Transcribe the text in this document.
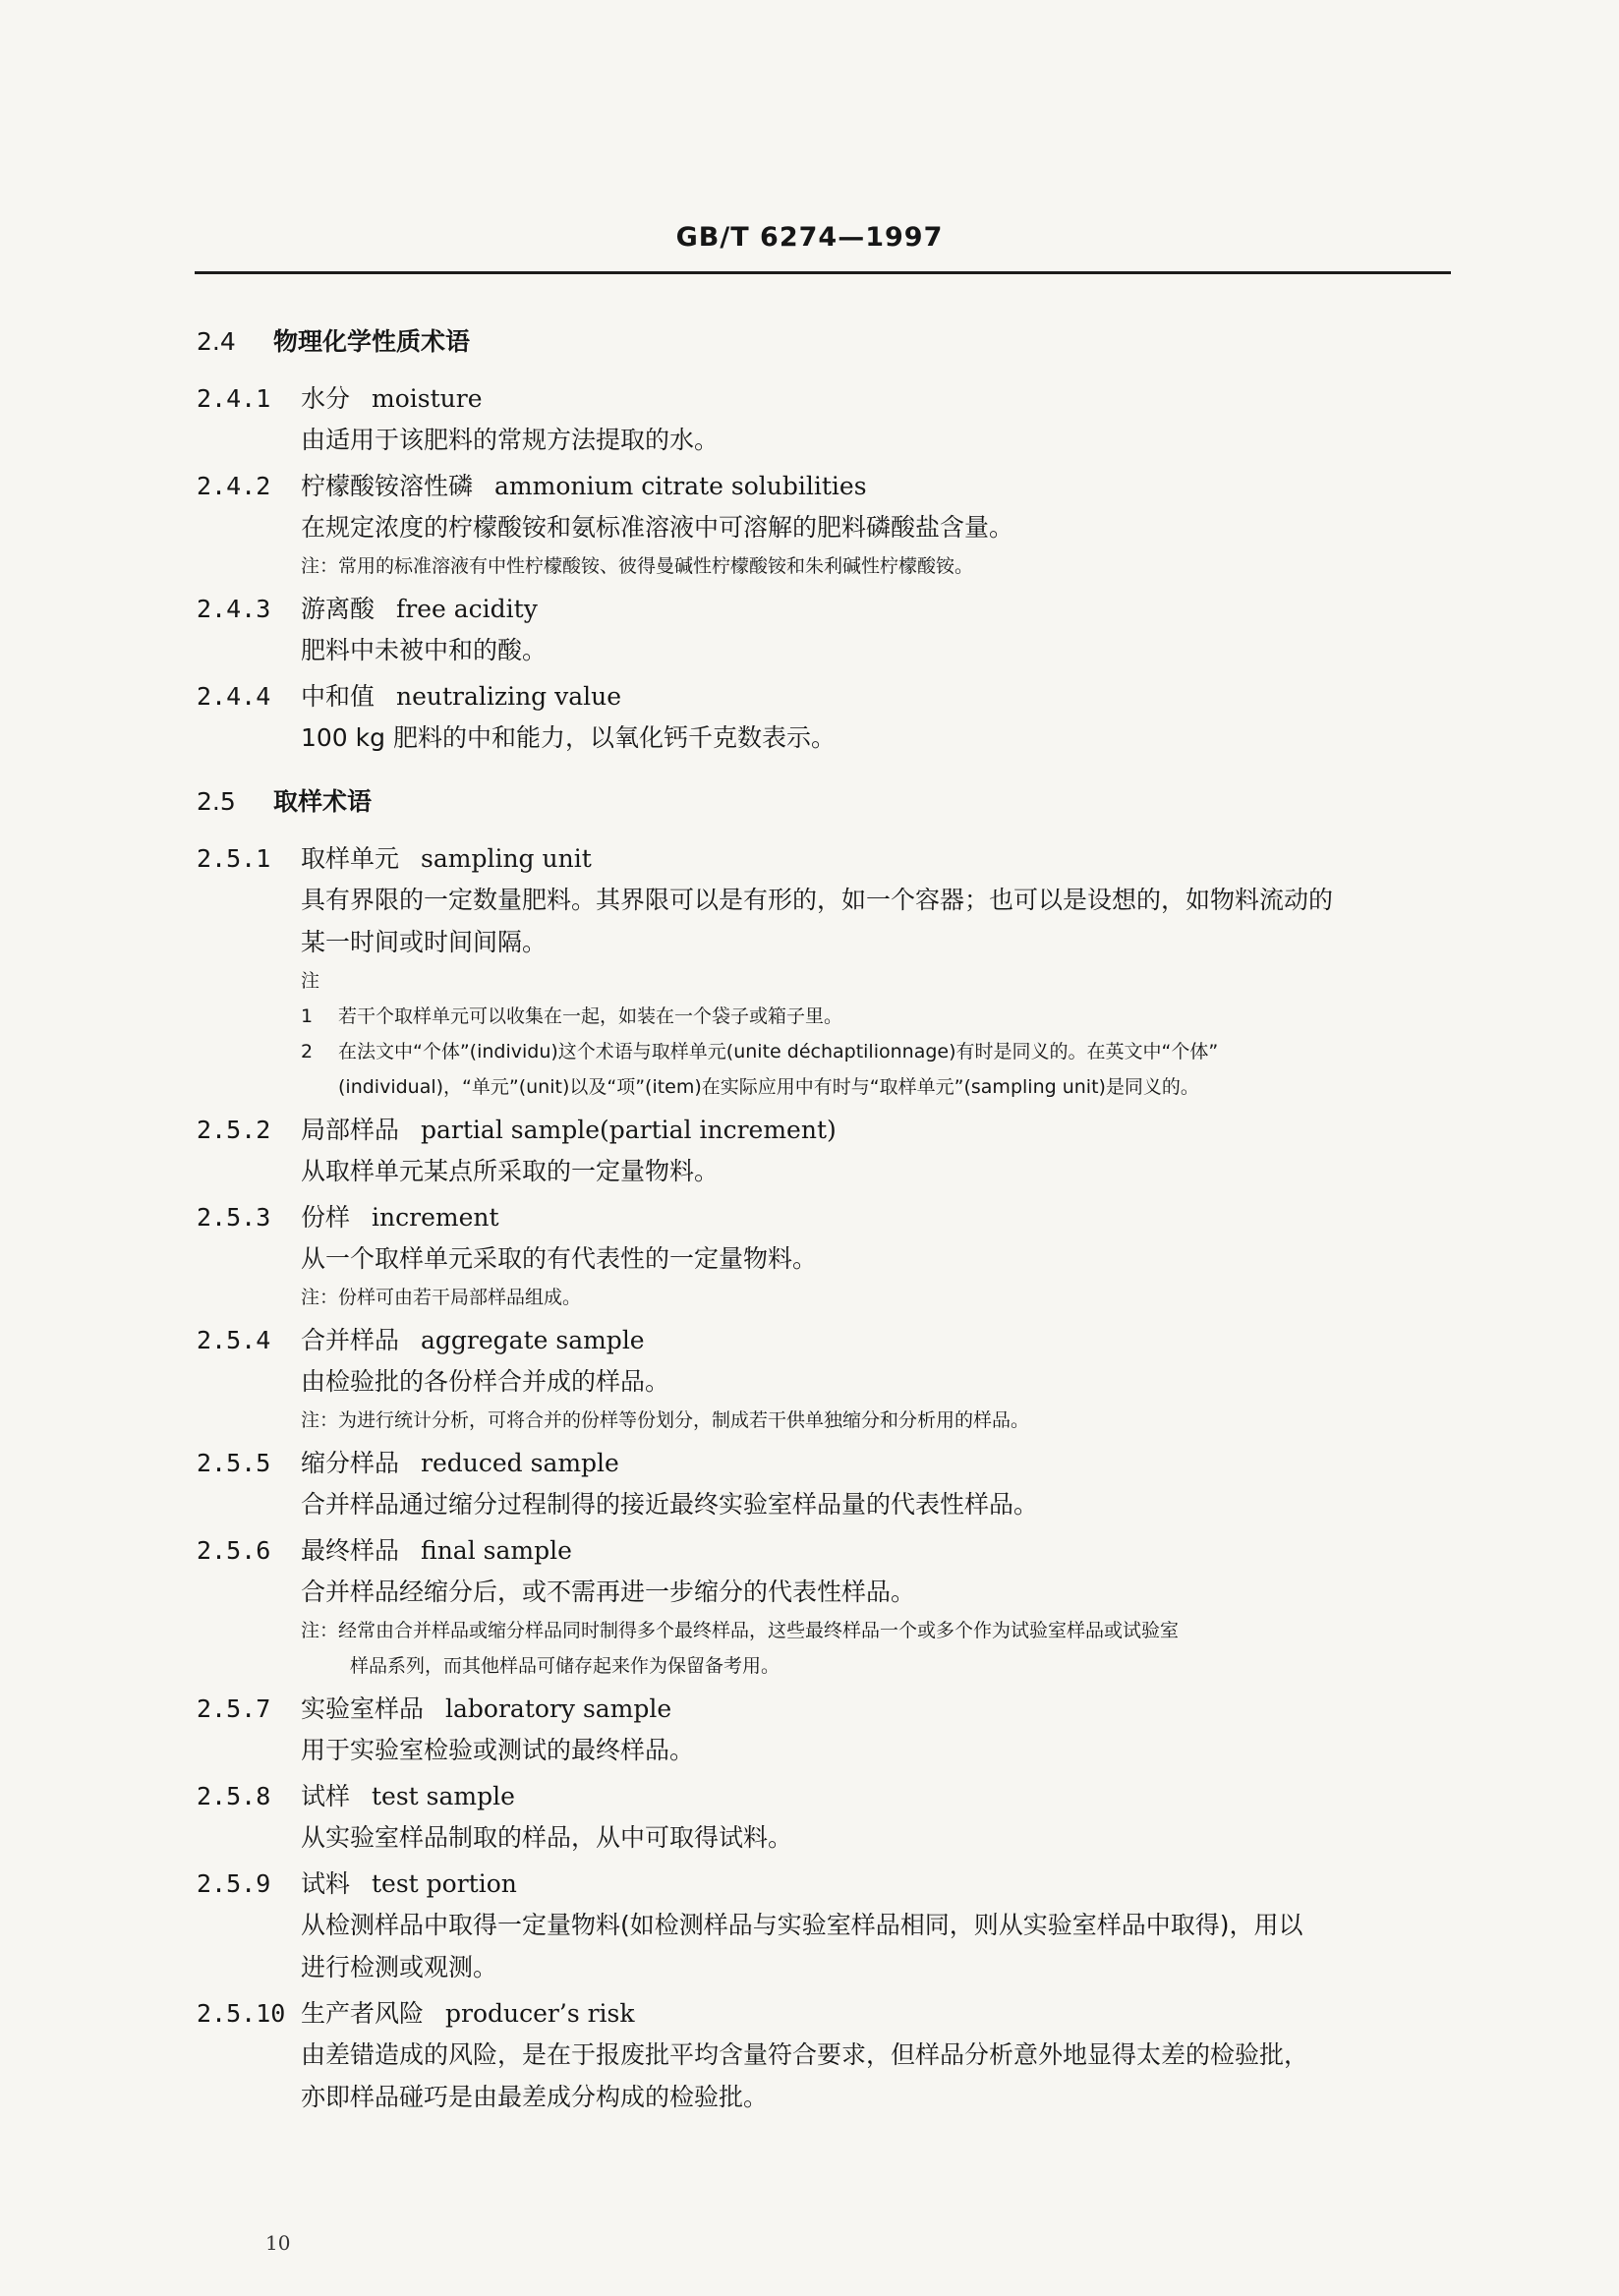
GB/T 6274—1997
2.4 物理化学性质术语
2.4.1 水分 moisture
由适用于该肥料的常规方法提取的水。
2.4.2 柠檬酸铵溶性磷 ammonium citrate solubilities
在规定浓度的柠檬酸铵和氨标准溶液中可溶解的肥料磷酸盐含量。
注：常用的标准溶液有中性柠檬酸铵、彼得曼碱性柠檬酸铵和朱利碱性柠檬酸铵。
2.4.3 游离酸 free acidity
肥料中未被中和的酸。
2.4.4 中和值 neutralizing value
100 kg 肥料的中和能力，以氧化钙千克数表示。
2.5 取样术语
2.5.1 取样单元 sampling unit
具有界限的一定数量肥料。其界限可以是有形的，如一个容器；也可以是设想的，如物料流动的
某一时间或时间间隔。
注
1	若干个取样单元可以收集在一起，如装在一个袋子或箱子里。
2	在法文中“个体”(individu)这个术语与取样单元(unite déchaptilionnage)有时是同义的。在英文中“个体”
(individual)，“单元”(unit)以及“项”(item)在实际应用中有时与“取样单元”(sampling unit)是同义的。
2.5.2 局部样品 partial sample(partial increment)
从取样单元某点所采取的一定量物料。
2.5.3 份样 increment
从一个取样单元采取的有代表性的一定量物料。
注：份样可由若干局部样品组成。
2.5.4 合并样品 aggregate sample
由检验批的各份样合并成的样品。
注：为进行统计分析，可将合并的份样等份划分，制成若干供单独缩分和分析用的样品。
2.5.5 缩分样品 reduced sample
合并样品通过缩分过程制得的接近最终实验室样品量的代表性样品。
2.5.6 最终样品 final sample
合并样品经缩分后，或不需再进一步缩分的代表性样品。
注：经常由合并样品或缩分样品同时制得多个最终样品，这些最终样品一个或多个作为试验室样品或试验室
样品系列，而其他样品可储存起来作为保留备考用。
2.5.7 实验室样品 laboratory sample
用于实验室检验或测试的最终样品。
2.5.8 试样 test sample
从实验室样品制取的样品，从中可取得试料。
2.5.9 试料 test portion
从检测样品中取得一定量物料(如检测样品与实验室样品相同，则从实验室样品中取得)，用以
进行检测或观测。
2.5.10 生产者风险 producer’s risk
由差错造成的风险，是在于报废批平均含量符合要求，但样品分析意外地显得太差的检验批，
亦即样品碰巧是由最差成分构成的检验批。
10
